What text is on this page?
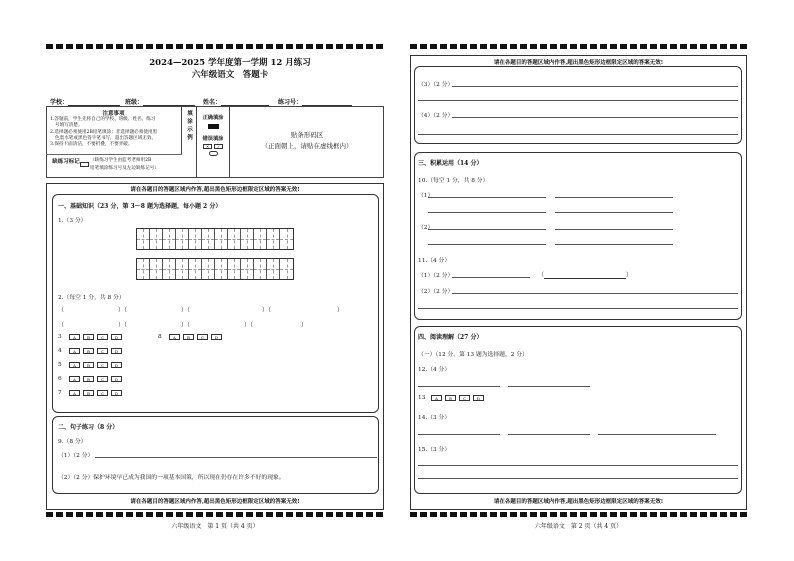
2024—2025 学年度第一学期 12 月练习
六年级语文　答题卡
学校：	班级：	姓名：	练习号：
注意事项
1.答题前，学生先将自己的学校、班级、姓名、练习
号填写清楚。
2.选择题必须使用2B铅笔填涂；非选择题必须使用黑
色墨水笔或黑色签字笔书写，超出答题区域无效。
3.保持卡面清洁，不要折叠，不要弄破。
填涂示例
正确填涂
错误填涂
✕	✓
贴条形码区
（正面朝上，请贴在虚线框内）
缺练习标记 （缺练习学生由监考老师用2B
铅笔填涂练习号及左边缺练记号）
请在各题目的答题区域内作答,超出黑色矩形边框限定区域的答案无效!
请在各题目的答题区域内作答,超出黑色矩形边框限定区域的答案无效!
一、基础知识（23 分，第 3～8 题为选择题，每小题 2 分）
1.（3 分）
2.（每空 1 分，共 8 分）
（　　　　　　　　　）（　　　　　　　　　）（　　　　　　　　　　　　）（　　　　　　　　　　　）
（　　　　　　　　　）（　　　　　　　　　）（　　　　　　　　　）（　　　　　　　　）
3	A	B	C	D	8	A	B	C	D
4	A	B	C	D
5	A	B	C	D
6	A	B	C	D
7	A	B	C	D
二、句子练习（8 分）
9.（8 分）
（1）（2 分）
（2）（2 分）保护环境早已成为我国的一项基本国策，所以现在仍存在许多不好的现象。
六年级语文　第 1 页（共 4 页）
请在各题目的答题区域内作答,超出黑色矩形边框限定区域的答案无效!
请在各题目的答题区域内作答,超出黑色矩形边框限定区域的答案无效!
（3）（2 分）
（4）（2 分）
三、积累运用（14 分）
10.（每空 1 分，共 8 分）
（1）
（2）
11.（4 分）
（1）（2 分）	（	）
（2）（2 分）
四、阅读理解（27 分）
（一）（12 分，第 13 题为选择题，2 分）
12.（4 分）
13	A	B	C	D
14.（3 分）
15.（3 分）
六年级语文　第 2 页（共 4 页）
